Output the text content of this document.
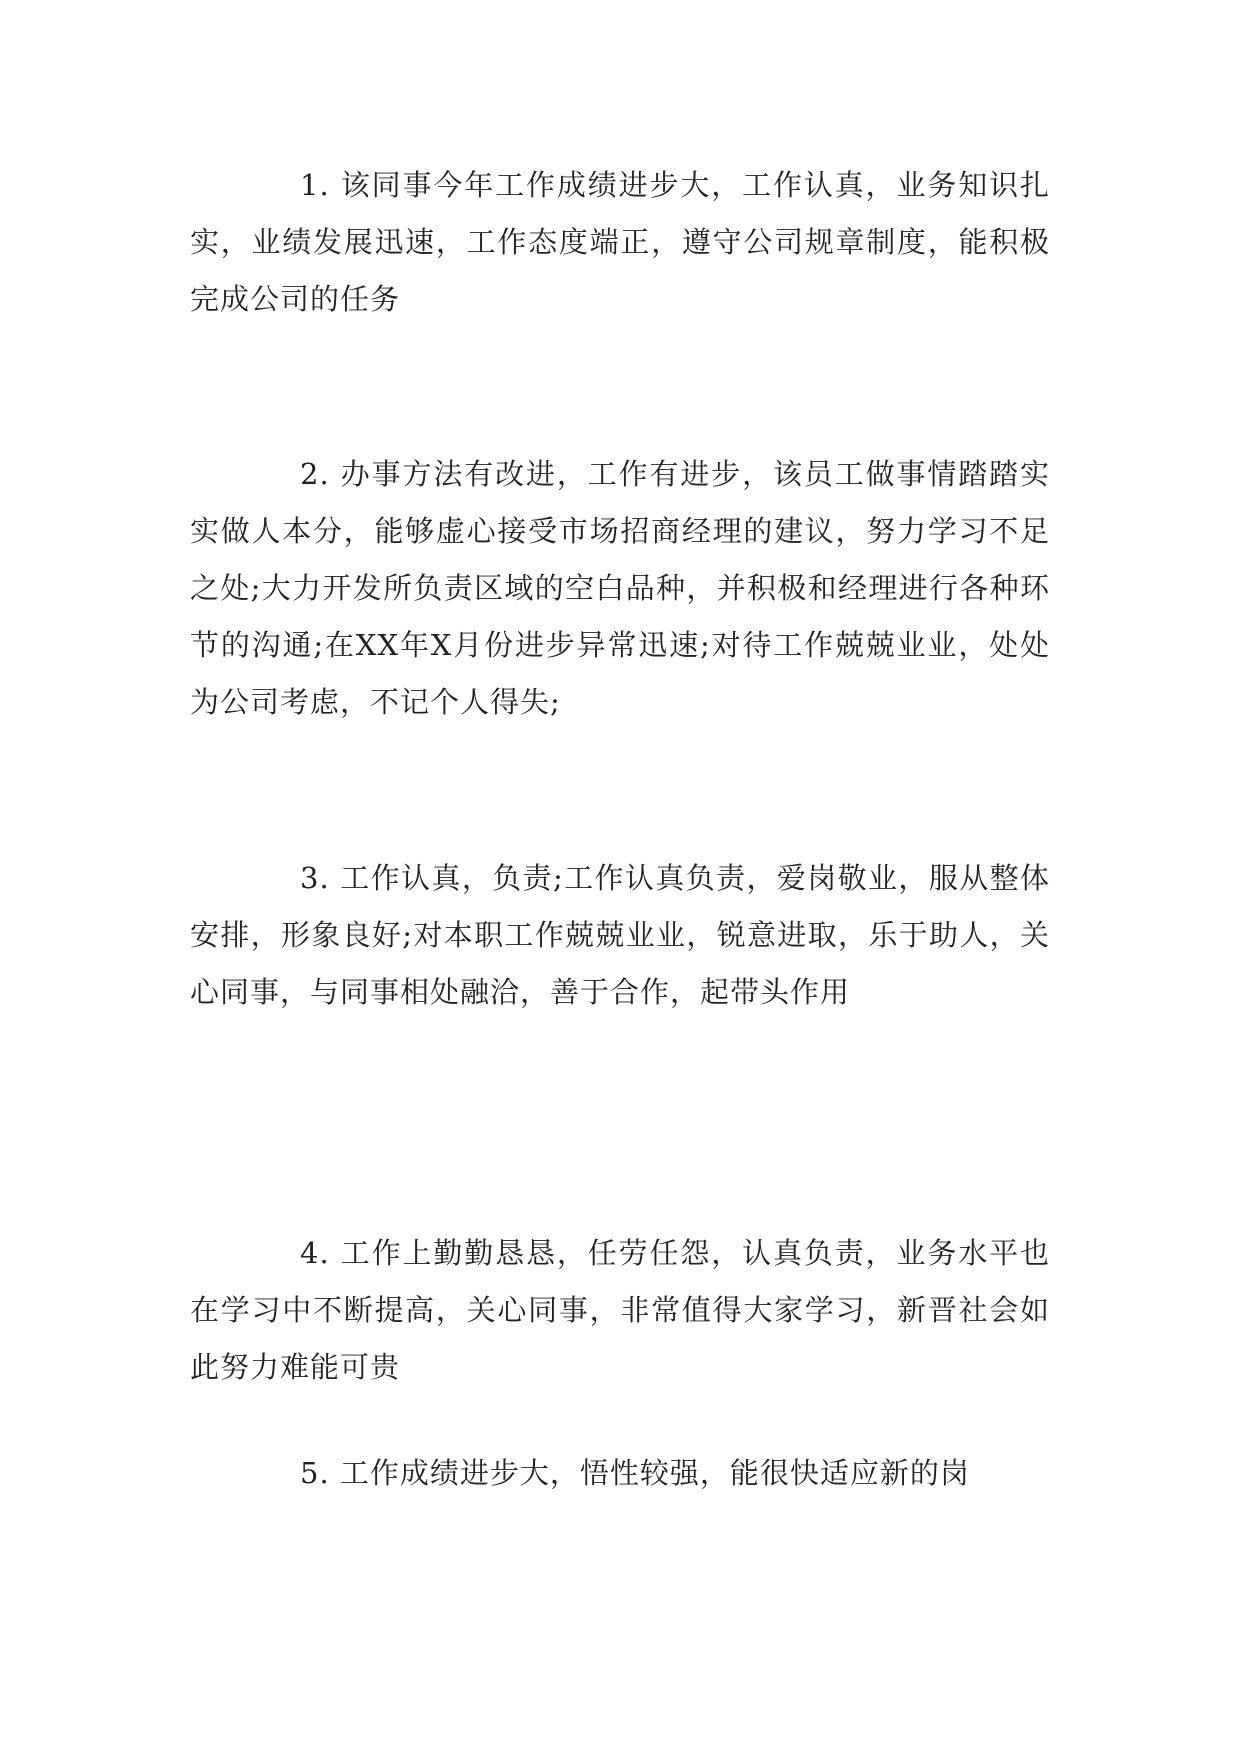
1. 该同事今年工作成绩进步大，工作认真，业务知识扎实，业绩发展迅速，工作态度端正，遵守公司规章制度，能积极完成公司的任务

2. 办事方法有改进，工作有进步，该员工做事情踏踏实实做人本分，能够虚心接受市场招商经理的建议，努力学习不足之处;大力开发所负责区域的空白品种，并积极和经理进行各种环节的沟通;在XX年X月份进步异常迅速;对待工作兢兢业业，处处为公司考虑，不记个人得失;

3. 工作认真，负责;工作认真负责，爱岗敬业，服从整体安排，形象良好;对本职工作兢兢业业，锐意进取，乐于助人，关心同事，与同事相处融洽，善于合作，起带头作用

4. 工作上勤勤恳恳，任劳任怨，认真负责，业务水平也在学习中不断提高，关心同事，非常值得大家学习，新晋社会如此努力难能可贵

5. 工作成绩进步大，悟性较强，能很快适应新的岗
